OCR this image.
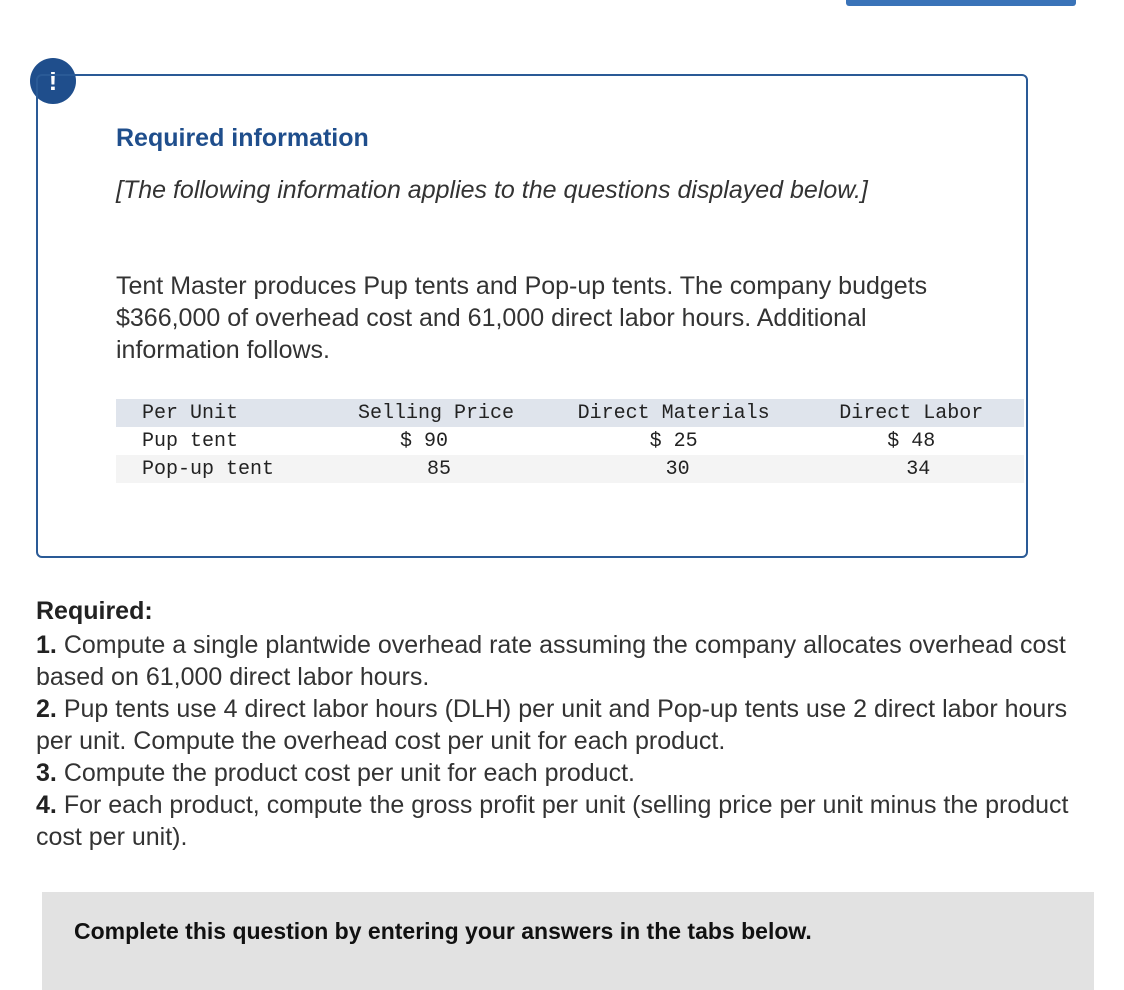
!
Required information

[The following information applies to the questions displayed below.]

Tent Master produces Pup tents and Pop-up tents. The company budgets $366,000 of overhead cost and 61,000 direct labor hours. Additional information follows.

Per Unit	Selling Price	Direct Materials	Direct Labor
Pup tent	$ 90	$ 25	$ 48
Pop-up tent	85	30	34

Required:

1. Compute a single plantwide overhead rate assuming the company allocates overhead cost based on 61,000 direct labor hours.

2. Pup tents use 4 direct labor hours (DLH) per unit and Pop-up tents use 2 direct labor hours per unit. Compute the overhead cost per unit for each product.

3. Compute the product cost per unit for each product.

4. For each product, compute the gross profit per unit (selling price per unit minus the product cost per unit).

Complete this question by entering your answers in the tabs below.
